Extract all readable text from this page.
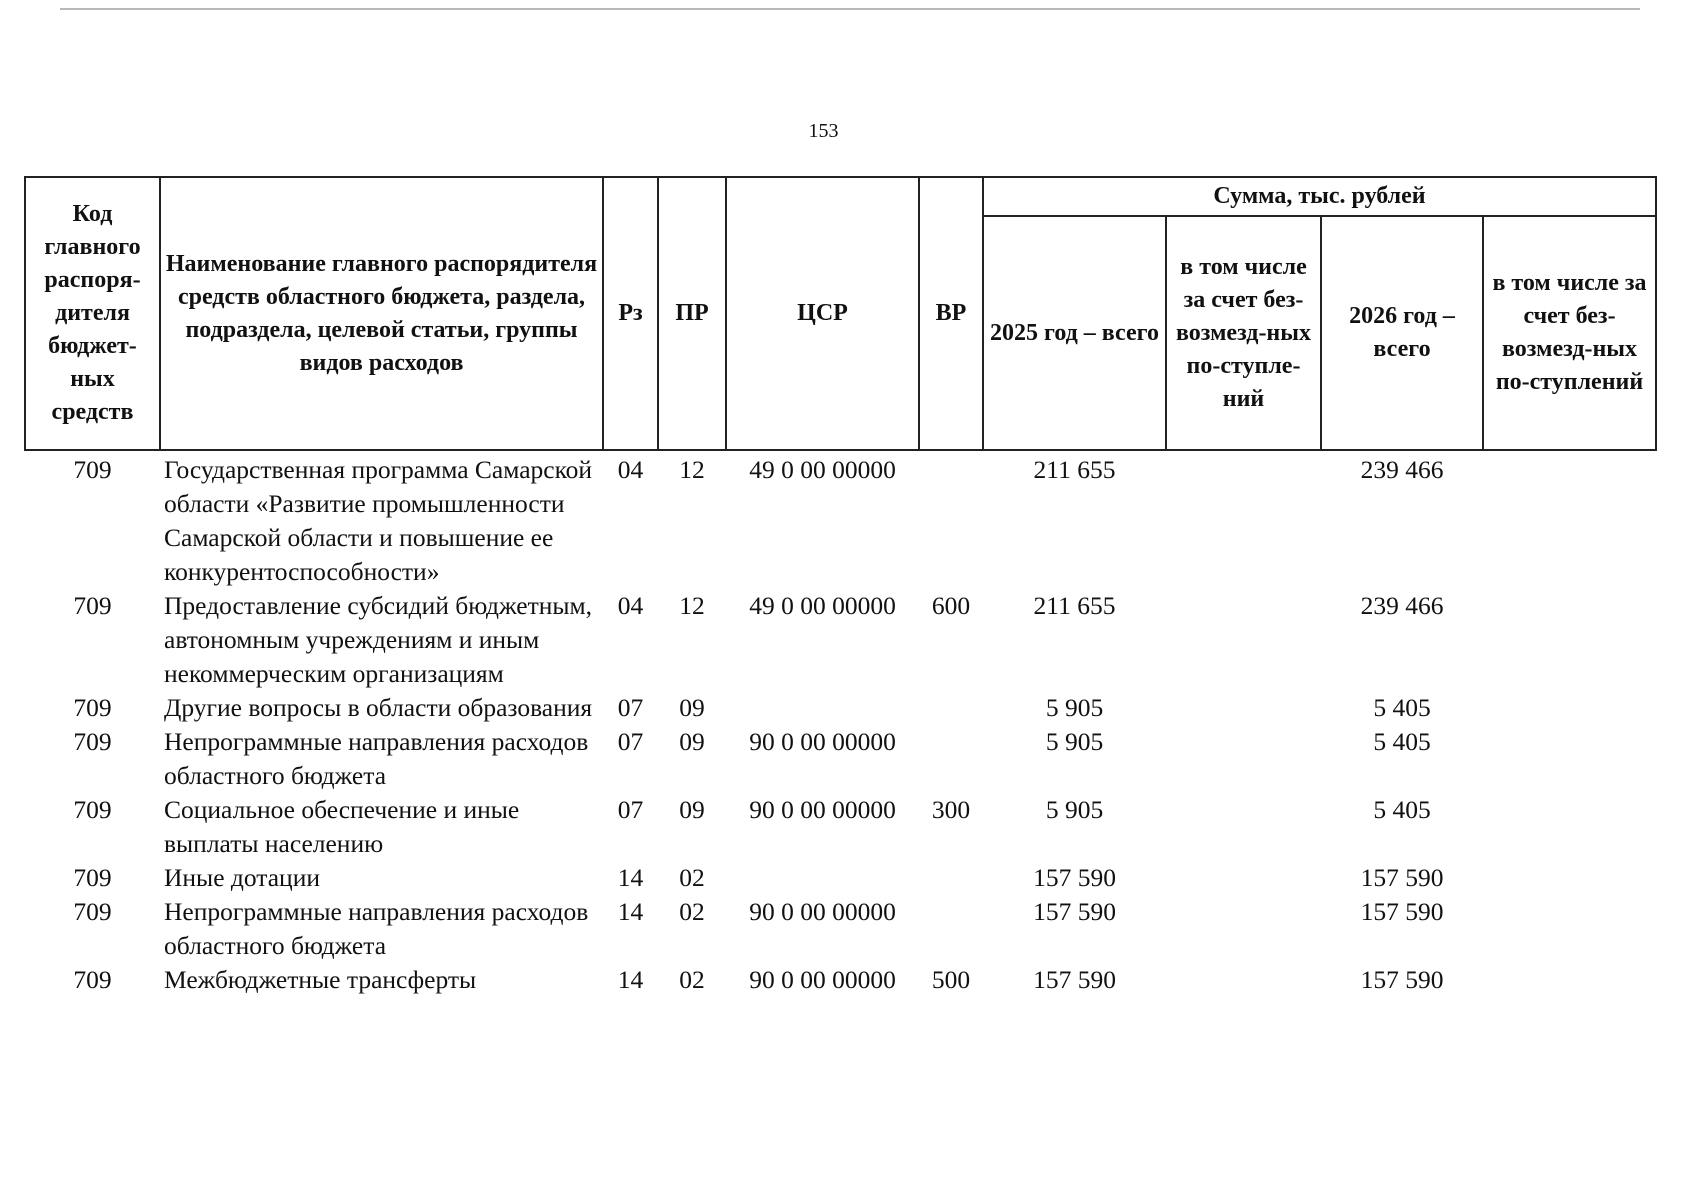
153
Код главного распоря-дителя бюджет-ных средств	Наименование главного распорядителя средств областного бюджета, раздела, подраздела, целевой статьи, группы видов расходов	Рз	ПР	ЦСР	ВР	Сумма, тыс. рублей			
						2025 год – всего	в том числе за счет без-возмезд-ных по-ступле-ний	2026 год – всего	в том числе за счет без-возмезд-ных по-ступлений
709	Государственная программа Самарской области «Развитие промышленности Самарской области и повышение ее конкурентоспособности»	04	12	49 0 00 00000		211 655		239 466	
709	Предоставление субсидий бюджетным, автономным учреждениям и иным некоммерческим организациям	04	12	49 0 00 00000	600	211 655		239 466	
709	Другие вопросы в области образования	07	09			5 905		5 405	
709	Непрограммные направления расходов областного бюджета	07	09	90 0 00 00000		5 905		5 405	
709	Социальное обеспечение и иные выплаты населению	07	09	90 0 00 00000	300	5 905		5 405	
709	Иные дотации	14	02			157 590		157 590	
709	Непрограммные направления расходов областного бюджета	14	02	90 0 00 00000		157 590		157 590	
709	Межбюджетные трансферты	14	02	90 0 00 00000	500	157 590		157 590	
